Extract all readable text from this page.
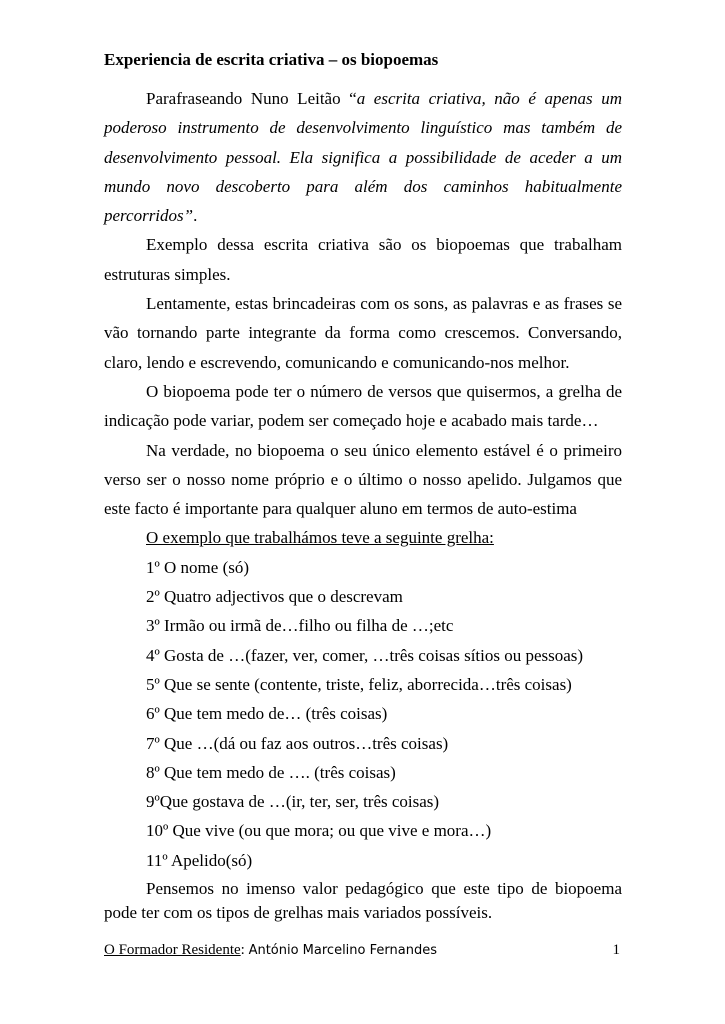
Experiencia de escrita criativa – os biopoemas

Parafraseando Nuno Leitão “a escrita criativa, não é apenas um poderoso instrumento de desenvolvimento linguístico mas também de desenvolvimento pessoal. Ela significa a possibilidade de aceder a um mundo novo descoberto para além dos caminhos habitualmente percorridos”.

Exemplo dessa escrita criativa são os biopoemas que trabalham estruturas simples.

Lentamente, estas brincadeiras com os sons, as palavras e as frases se vão tornando parte integrante da forma como crescemos. Conversando, claro, lendo e escrevendo, comunicando e comunicando-nos melhor.

O biopoema pode ter o número de versos que quisermos, a grelha de indicação pode variar, podem ser começado hoje e acabado mais tarde…

Na verdade, no biopoema o seu único elemento estável é o primeiro verso ser o nosso nome próprio e o último o nosso apelido. Julgamos que este facto é importante para qualquer aluno em termos de auto-estima

O exemplo que trabalhámos teve a seguinte grelha:
1º O nome (só)
2º Quatro adjectivos que o descrevam
3º Irmão ou irmã de…filho ou filha de …;etc
4º Gosta de …(fazer, ver, comer, …três coisas sítios ou pessoas)
5º Que se sente (contente, triste, feliz, aborrecida…três coisas)
6º Que tem medo de… (três coisas)
7º Que …(dá ou faz aos outros…três coisas)
8º Que tem medo de …. (três coisas)
9ºQue gostava de …(ir, ter, ser, três coisas)
10º Que vive (ou que mora; ou que vive e mora…)
11º Apelido(só)

Pensemos no imenso valor pedagógico que este tipo de biopoema pode ter com os tipos de grelhas mais variados possíveis.

O Formador Residente: António Marcelino Fernandes	1
